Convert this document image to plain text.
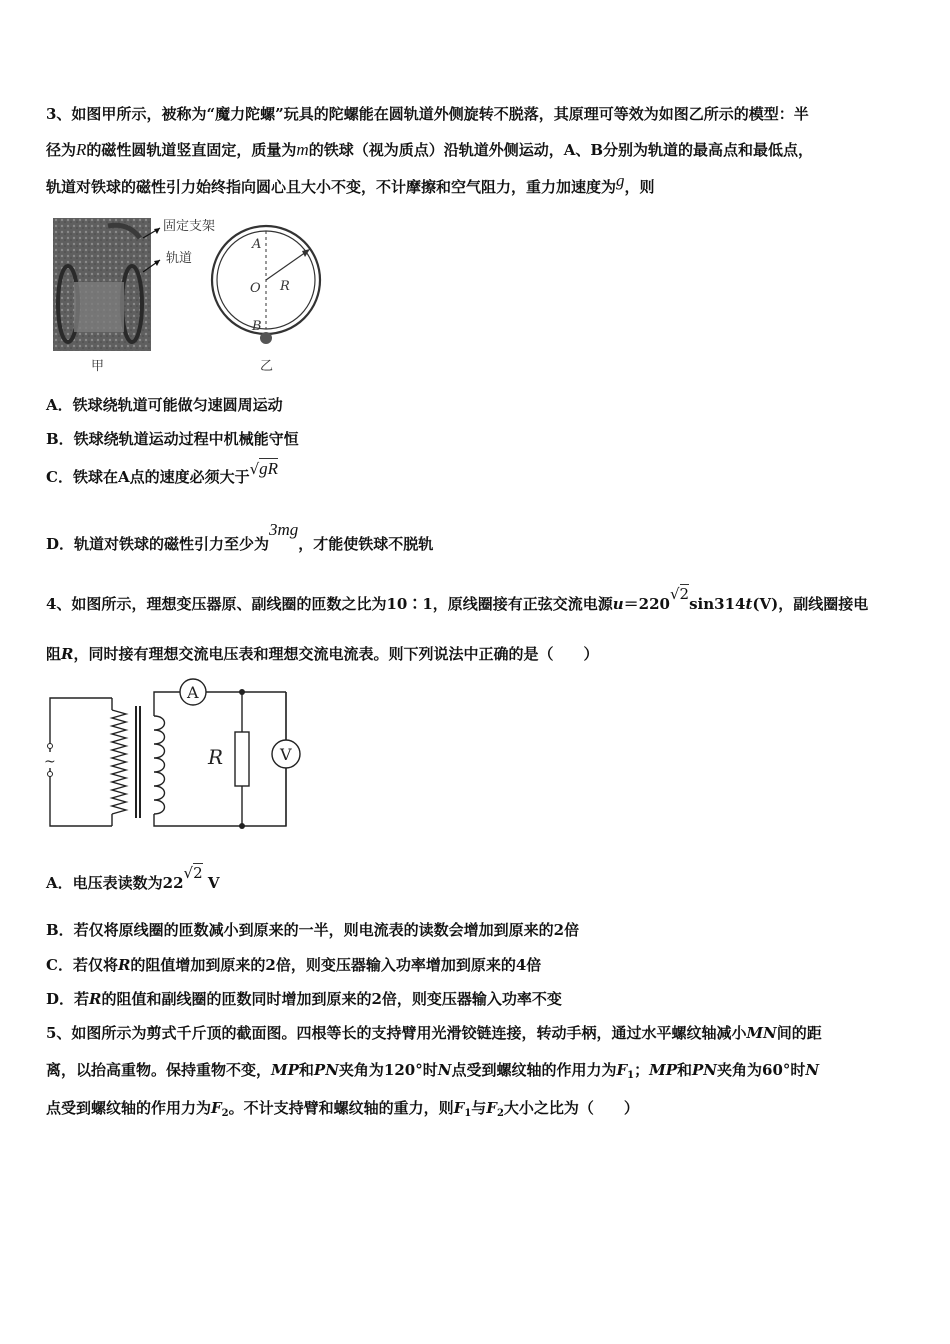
3、如图甲所示，被称为“魔力陀螺”玩具的陀螺能在圆轨道外侧旋转不脱落，其原理可等效为如图乙所示的模型：半
径为R的磁性圆轨道竖直固定，质量为m的铁球（视为质点）沿轨道外侧运动，A、B分别为轨道的最高点和最低点，
轨道对铁球的磁性引力始终指向圆心且大小不变，不计摩擦和空气阻力，重力加速度为g，则
固定支架
轨道
甲
A
O R
B
乙
A．铁球绕轨道可能做匀速圆周运动
B．铁球绕轨道运动过程中机械能守恒
C．铁球在A点的速度必须大于√gR
D．轨道对铁球的磁性引力至少为3mg，才能使铁球不脱轨
4、如图所示，理想变压器原、副线圈的匝数之比为10∶1，原线圈接有正弦交流电源u＝220√2sin314t(V)，副线圈接电
阻R，同时接有理想交流电压表和理想交流电流表。则下列说法中正确的是（　　）
A
V
R
~
A．电压表读数为22√2 V
B．若仅将原线圈的匝数减小到原来的一半，则电流表的读数会增加到原来的2倍
C．若仅将R的阻值增加到原来的2倍，则变压器输入功率增加到原来的4倍
D．若R的阻值和副线圈的匝数同时增加到原来的2倍，则变压器输入功率不变
5、如图所示为剪式千斤顶的截面图。四根等长的支持臂用光滑铰链连接，转动手柄，通过水平螺纹轴减小MN间的距
离，以抬高重物。保持重物不变，MP和PN夹角为120°时N点受到螺纹轴的作用力为$F_1$；MP和PN夹角为60°时N
点受到螺纹轴的作用力为$F_2$。不计支持臂和螺纹轴的重力，则$F_1$与$F_2$大小之比为（　　）
